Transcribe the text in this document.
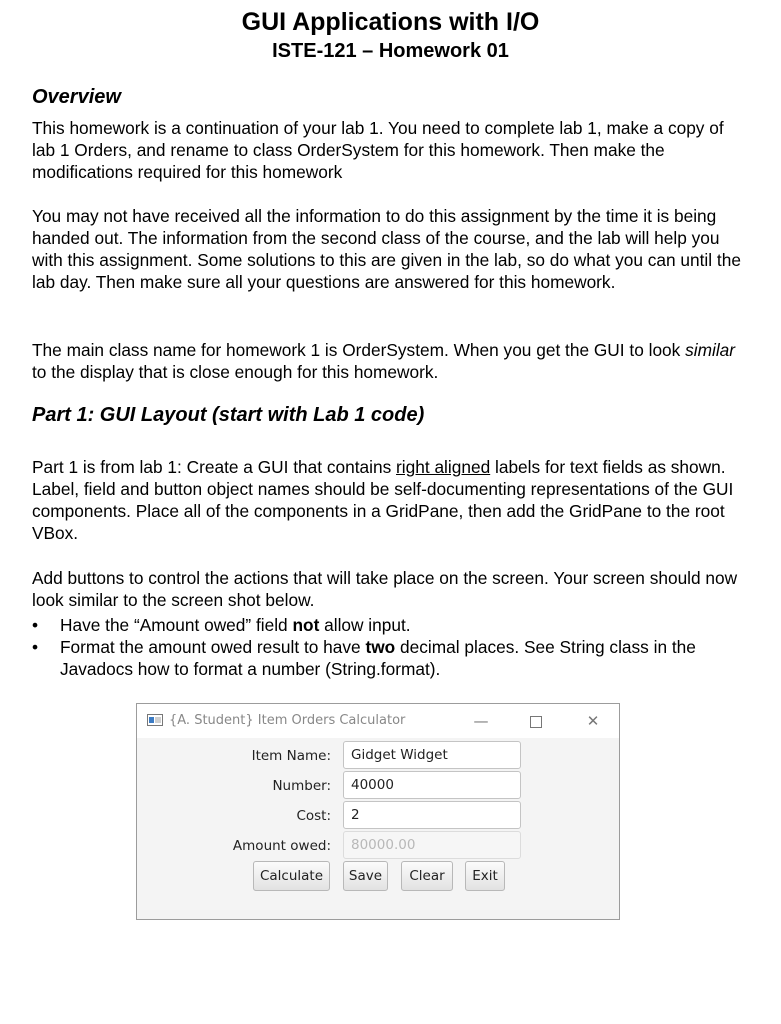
GUI Applications with I/O
ISTE-121 – Homework 01
Overview
This homework is a continuation of your lab 1. You need to complete lab 1, make a copy of lab 1 Orders, and rename to class OrderSystem for this homework. Then make the modifications required for this homework
You may not have received all the information to do this assignment by the time it is being handed out. The information from the second class of the course, and the lab will help you with this assignment. Some solutions to this are given in the lab, so do what you can until the lab day. Then make sure all your questions are answered for this homework.
The main class name for homework 1 is OrderSystem. When you get the GUI to look similar to the display that is close enough for this homework.
Part 1: GUI Layout (start with Lab 1 code)
Part 1 is from lab 1: Create a GUI that contains right aligned labels for text fields as shown. Label, field and button object names should be self-documenting representations of the GUI components. Place all of the components in a GridPane, then add the GridPane to the root VBox.
Add buttons to control the actions that will take place on the screen. Your screen should now look similar to the screen shot below.
• Have the “Amount owed” field not allow input.
• Format the amount owed result to have two decimal places. See String class in the Javadocs how to format a number (String.format).
{A. Student} Item Orders Calculator	—	✕
Item Name:
Gidget Widget
Number:
40000
Cost:
2
Amount owed:
80000.00
Calculate	Save	Clear	Exit
